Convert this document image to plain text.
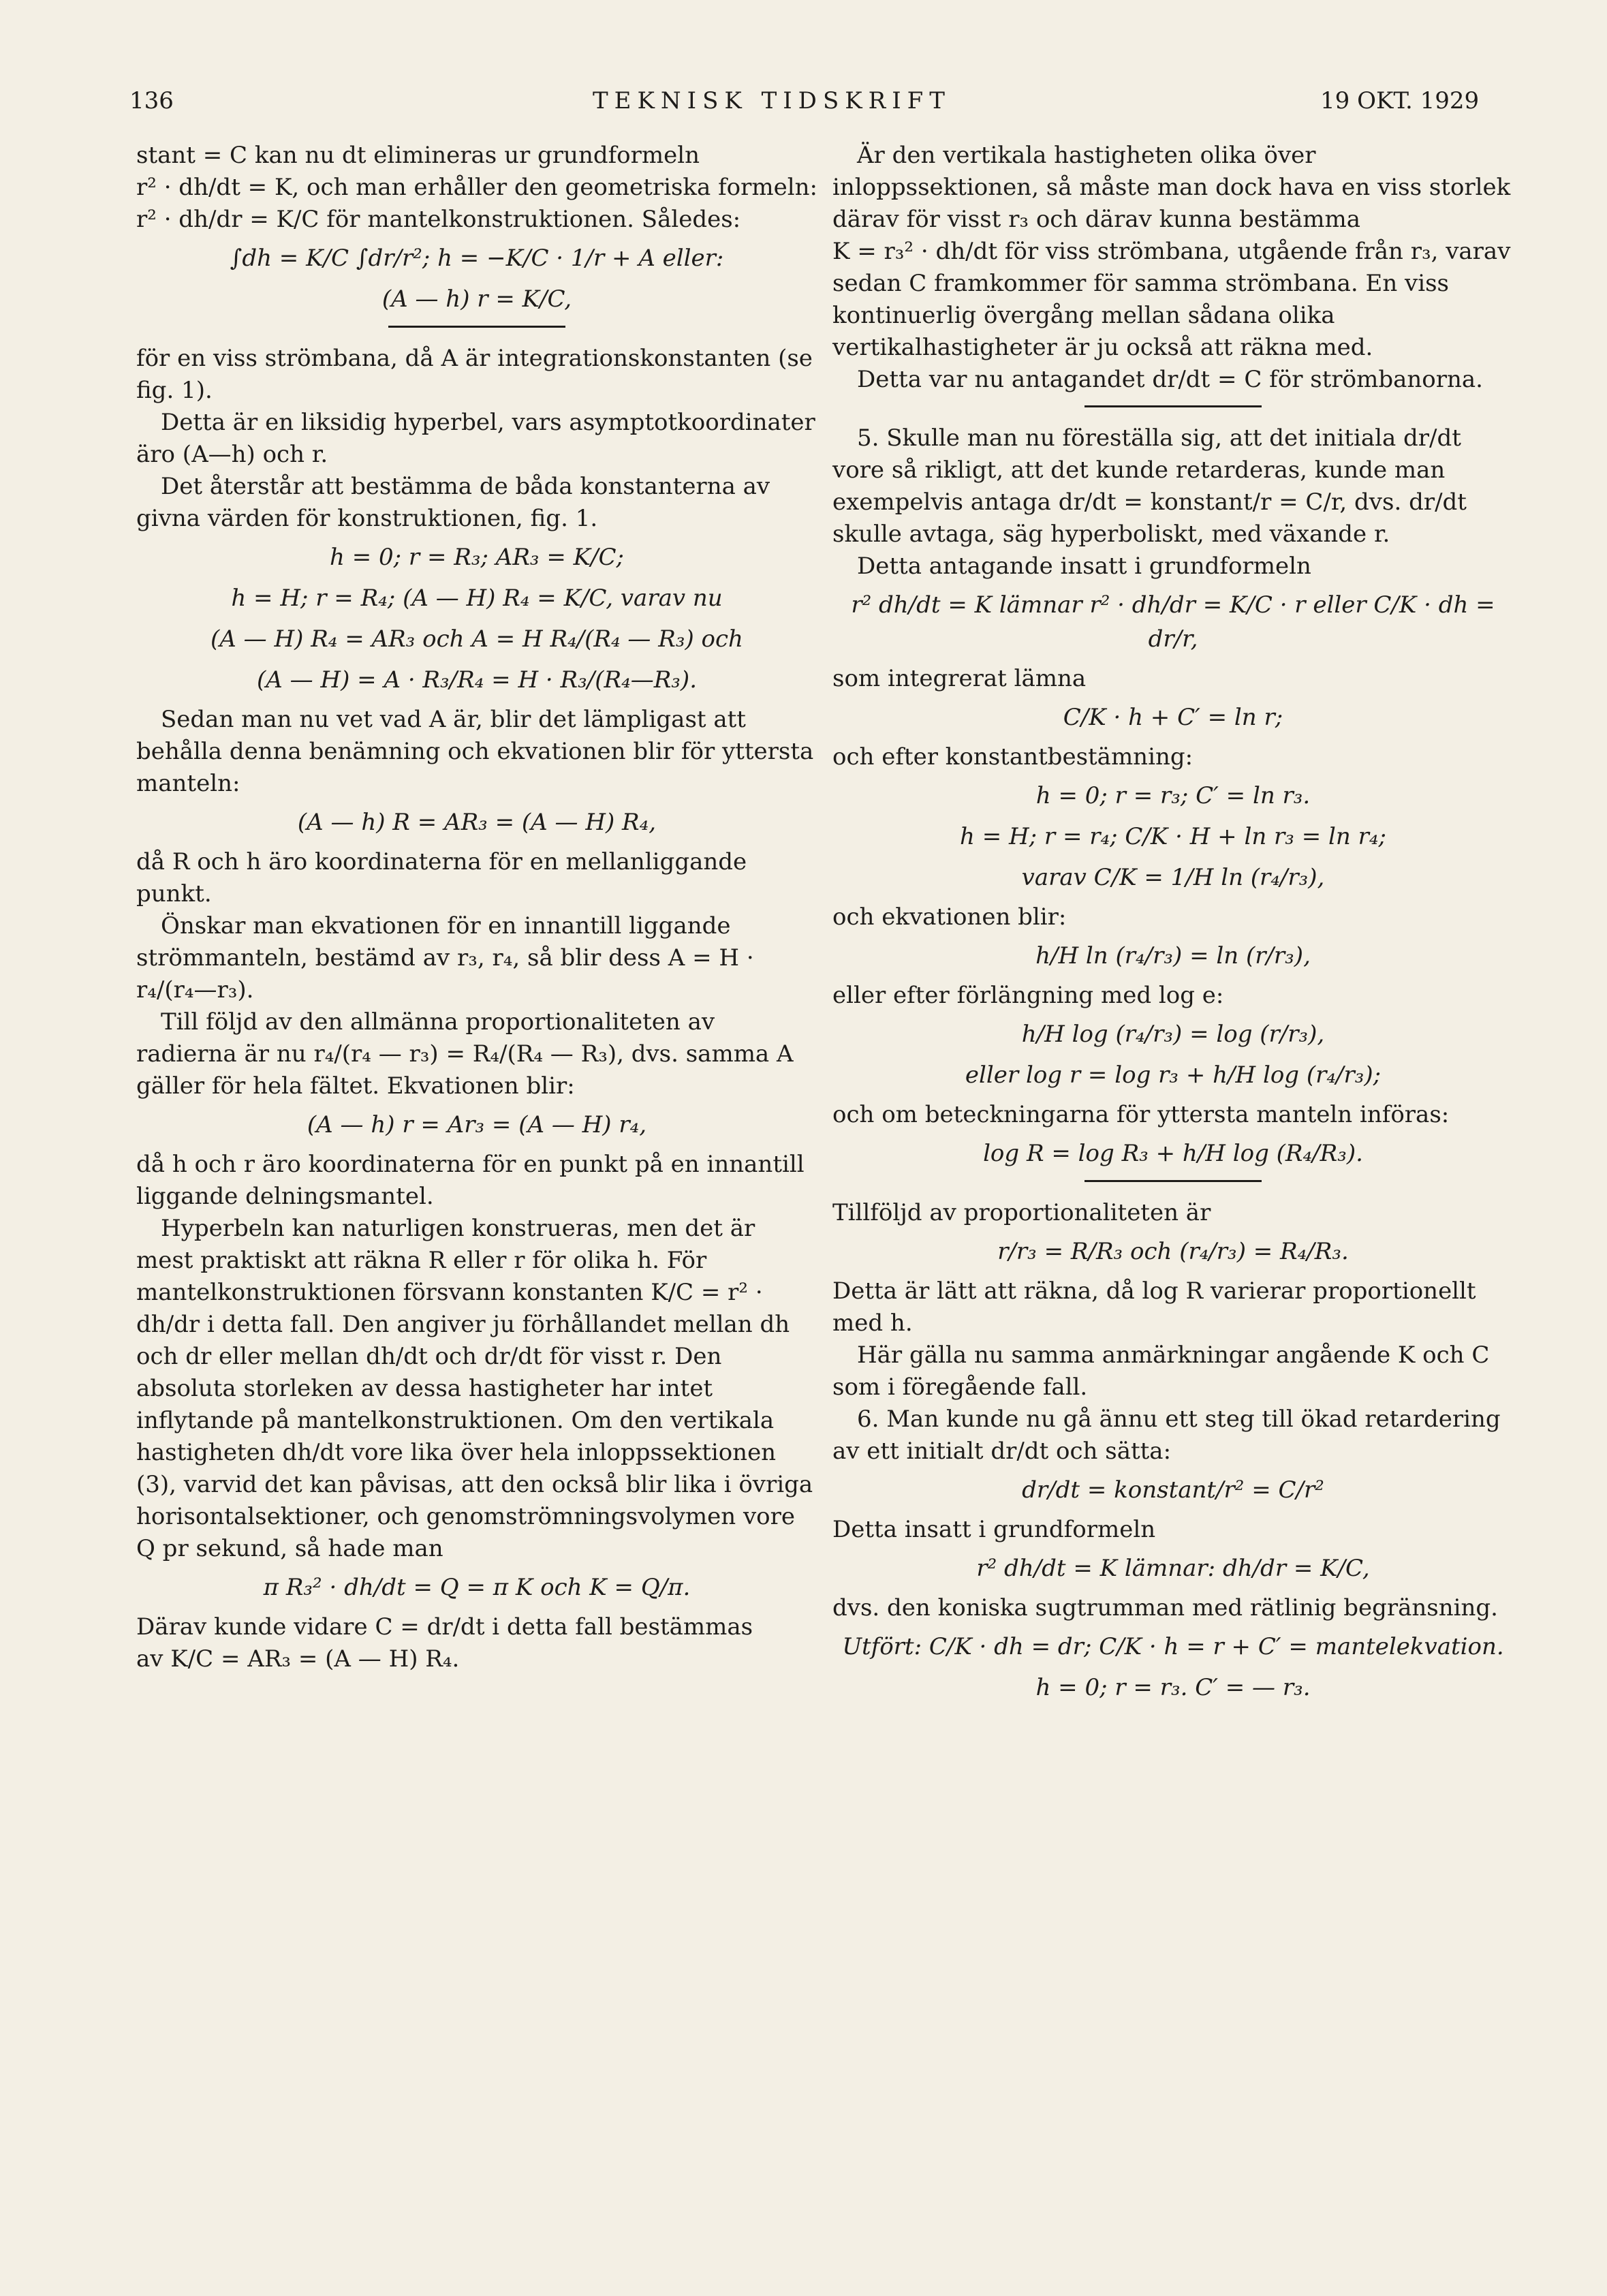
136	TEKNISK TIDSKRIFT	19 OKT. 1929

stant = C kan nu dt elimineras ur grundformeln

r² · dh/dt = K, och man erhåller den geometriska formeln: r² · dh/dr = K/C för mantelkonstruktionen. Således:

∫dh = K/C ∫dr/r²; h = −K/C · 1/r + A eller:
(A — h) r = K/C,

för en viss strömbana, då A är integrationskonstanten (se fig. 1).

Detta är en liksidig hyperbel, vars asymptotkoordinater äro (A—h) och r.

Det återstår att bestämma de båda konstanterna av givna värden för konstruktionen, fig. 1.

h = 0; r = R₃; AR₃ = K/C;
h = H; r = R₄; (A — H) R₄ = K/C, varav nu
(A — H) R₄ = AR₃ och A = H R₄/(R₄ — R₃) och
(A — H) = A · R₃/R₄ = H · R₃/(R₄—R₃).

Sedan man nu vet vad A är, blir det lämpligast att behålla denna benämning och ekvationen blir för yttersta manteln:

(A — h) R = AR₃ = (A — H) R₄,

då R och h äro koordinaterna för en mellanliggande punkt.

Önskar man ekvationen för en innantill liggande strömmanteln, bestämd av r₃, r₄, så blir dess A = H · r₄/(r₄—r₃).

Till följd av den allmänna proportionaliteten av radierna är nu r₄/(r₄ — r₃) = R₄/(R₄ — R₃), dvs. samma A gäller för hela fältet. Ekvationen blir:

(A — h) r = Ar₃ = (A — H) r₄,

då h och r äro koordinaterna för en punkt på en innantill liggande delningsmantel.

Hyperbeln kan naturligen konstrueras, men det är mest praktiskt att räkna R eller r för olika h. För mantelkonstruktionen försvann konstanten K/C = r² · dh/dr i detta fall. Den angiver ju förhållandet mellan dh och dr eller mellan dh/dt och dr/dt för visst r. Den absoluta storleken av dessa hastigheter har intet inflytande på mantelkonstruktionen. Om den vertikala hastigheten dh/dt vore lika över hela inloppssektionen (3), varvid det kan påvisas, att den också blir lika i övriga horisontalsektioner, och genomströmningsvolymen vore Q pr sekund, så hade man

π R₃² · dh/dt = Q = π K och K = Q/π.

Därav kunde vidare C = dr/dt i detta fall bestämmas

av K/C = AR₃ = (A — H) R₄.

Är den vertikala hastigheten olika över inloppssektionen, så måste man dock hava en viss storlek därav för visst r₃ och därav kunna bestämma

K = r₃² · dh/dt för viss strömbana, utgående från r₃, varav sedan C framkommer för samma strömbana. En viss kontinuerlig övergång mellan sådana olika vertikalhastigheter är ju också att räkna med.

Detta var nu antagandet dr/dt = C för strömbanorna.

5. Skulle man nu föreställa sig, att det initiala dr/dt vore så rikligt, att det kunde retarderas, kunde man exempelvis antaga dr/dt = konstant/r = C/r, dvs. dr/dt skulle avtaga, säg hyperboliskt, med växande r.

Detta antagande insatt i grundformeln

r² dh/dt = K lämnar r² · dh/dr = K/C · r eller C/K · dh = dr/r,

som integrerat lämna

C/K · h + C′ = ln r;

och efter konstantbestämning:

h = 0; r = r₃; C′ = ln r₃.
h = H; r = r₄; C/K · H + ln r₃ = ln r₄;
varav C/K = 1/H ln (r₄/r₃),

och ekvationen blir:

h/H ln (r₄/r₃) = ln (r/r₃),

eller efter förlängning med log e:

h/H log (r₄/r₃) = log (r/r₃),
eller log r = log r₃ + h/H log (r₄/r₃);

och om beteckningarna för yttersta manteln införas:

log R = log R₃ + h/H log (R₄/R₃).

Tillföljd av proportionaliteten är

r/r₃ = R/R₃ och (r₄/r₃) = R₄/R₃.

Detta är lätt att räkna, då log R varierar proportionellt med h.

Här gälla nu samma anmärkningar angående K och C som i föregående fall.

6. Man kunde nu gå ännu ett steg till ökad retardering av ett initialt dr/dt och sätta:

dr/dt = konstant/r² = C/r²

Detta insatt i grundformeln

r² dh/dt = K lämnar: dh/dr = K/C,

dvs. den koniska sugtrumman med rätlinig begränsning.

Utfört: C/K · dh = dr; C/K · h = r + C′ = mantelekvation.
h = 0; r = r₃. C′ = — r₃.
